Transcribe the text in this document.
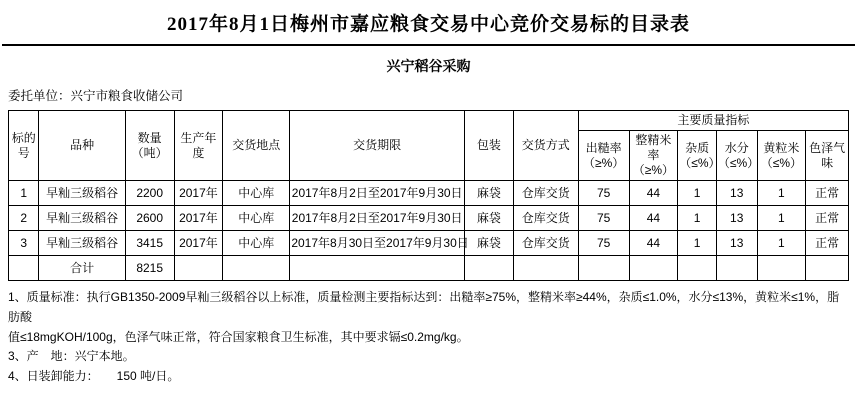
2017年8月1日梅州市嘉应粮食交易中心竞价交易标的目录表
兴宁稻谷采购
委托单位：兴宁市粮食收储公司
标的号	品种	数量（吨）	生产年度	交货地点	交货期限	包装	交货方式	主要质量指标					
								出糙率（≥%）	整精米率（≥%）	杂质（≤%）	水分（≤%）	黄粒米（≤%）	色泽气味
1	早籼三级稻谷	2200	2017年	中心库	2017年8月2日至2017年9月30日	麻袋	仓库交货	75	44	1	13	1	正常
2	早籼三级稻谷	2600	2017年	中心库	2017年8月2日至2017年9月30日	麻袋	仓库交货	75	44	1	13	1	正常
3	早籼三级稻谷	3415	2017年	中心库	2017年8月30日至2017年9月30日	麻袋	仓库交货	75	44	1	13	1	正常
	合计	8215											

1、质量标准：执行GB1350-2009早籼三级稻谷以上标准，质量检测主要指标达到：出糙率≥75%，整精米率≥44%，杂质≤1.0%，水分≤13%，黄粒米≤1%，脂肪酸

值≤18mgKOH/100g，色泽气味正常，符合国家粮食卫生标准，其中要求镉≤0.2mg/kg。

3、产　地：兴宁本地。

4、日装卸能力：　　150 吨/日。
